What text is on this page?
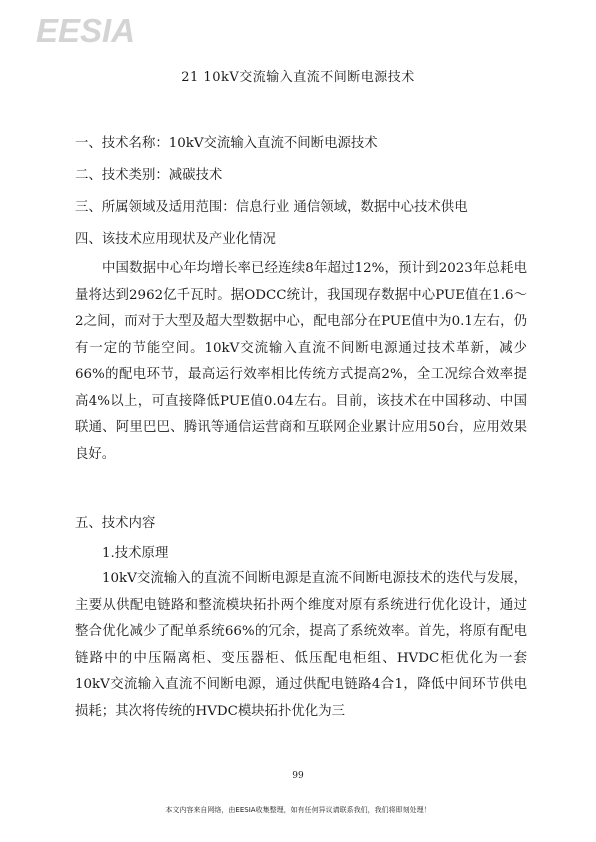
EESIA
21 10kV交流输入直流不间断电源技术
一、技术名称：10kV交流输入直流不间断电源技术
二、技术类别：减碳技术
三、所属领域及适用范围：信息行业 通信领域，数据中心技术供电
四、该技术应用现状及产业化情况

中国数据中心年均增长率已经连续8年超过12%，预计到2023年总耗电量将达到2962亿千瓦时。据ODCC统计，我国现存数据中心PUE值在1.6～2之间，而对于大型及超大型数据中心，配电部分在PUE值中为0.1左右，仍有一定的节能空间。10kV交流输入直流不间断电源通过技术革新，减少66%的配电环节，最高运行效率相比传统方式提高2%，全工况综合效率提高4%以上，可直接降低PUE值0.04左右。目前，该技术在中国移动、中国联通、阿里巴巴、腾讯等通信运营商和互联网企业累计应用50台，应用效果良好。

五、技术内容
1.技术原理

10kV交流输入的直流不间断电源是直流不间断电源技术的迭代与发展，主要从供配电链路和整流模块拓扑两个维度对原有系统进行优化设计，通过整合优化减少了配单系统66%的冗余，提高了系统效率。首先，将原有配电链路中的中压隔离柜、变压器柜、低压配电柜组、HVDC柜优化为一套10kV交流输入直流不间断电源，通过供配电链路4合1，降低中间环节供电损耗；其次将传统的HVDC模块拓扑优化为三

99
本文内容来自网络，由EESIA收集整理，如有任何异议请联系我们，我们将即刻处理！
